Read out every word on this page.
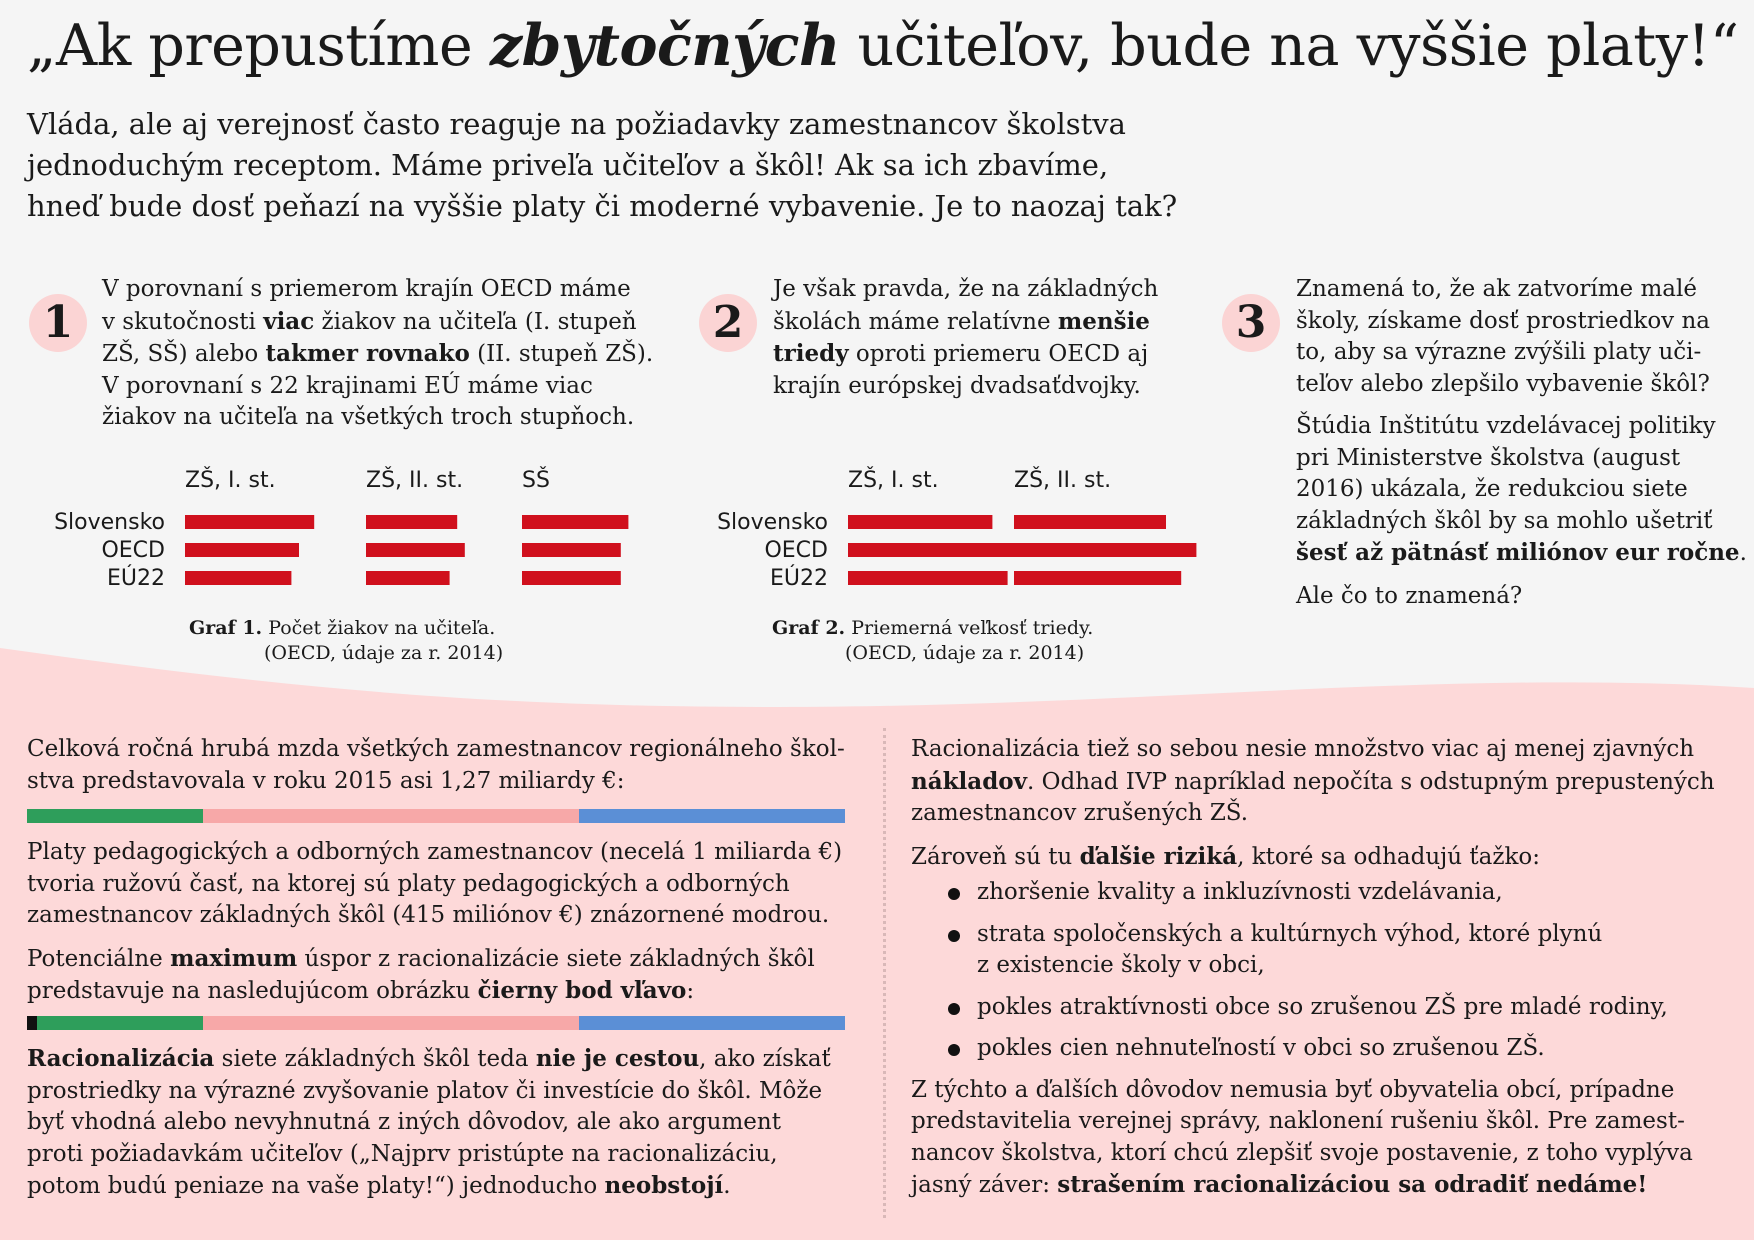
„Ak prepustíme zbytočných učiteľov, bude na vyššie platy!“
Vláda, ale aj verejnosť často reaguje na požiadavky zamestnancov školstva
jednoduchým receptom. Máme priveľa učiteľov a škôl! Ak sa ich zbavíme,
hneď bude dosť peňazí na vyššie platy či moderné vybavenie. Je to naozaj tak?
1
V porovnaní s priemerom krajín OECD máme
v skutočnosti viac žiakov na učiteľa (I. stupeň
ZŠ, SŠ) alebo takmer rovnako (II. stupeň ZŠ).
V porovnaní s 22 krajinami EÚ máme viac
žiakov na učiteľa na všetkých troch stupňoch.
2
Je však pravda, že na základných
školách máme relatívne menšie
triedy oproti priemeru OECD aj
krajín európskej dvadsaťdvojky.
3

Znamená to, že ak zatvoríme malé
školy, získame dosť prostriedkov na
to, aby sa výrazne zvýšili platy uči-
teľov alebo zlepšilo vybavenie škôl?

Štúdia Inštitútu vzdelávacej politiky
pri Ministerstve školstva (august
2016) ukázala, že redukciou siete
základných škôl by sa mohlo ušetriť
šesť až pätnásť miliónov eur ročne.

Ale čo to znamená?

Slovensko
OECD
EÚ22
ZŠ, I. st.	ZŠ, II. st.	SŠ
Slovensko
OECD
EÚ22
ZŠ, I. st.	ZŠ, II. st.
Graf 1. Počet žiakov na učiteľa.
(OECD, údaje za r. 2014)
Graf 2. Priemerná veľkosť triedy.
(OECD, údaje za r. 2014)

Celková ročná hrubá mzda všetkých zamestnancov regionálneho škol-
stva predstavovala v roku 2015 asi 1,27 miliardy €:

Platy pedagogických a odborných zamestnancov (necelá 1 miliarda €)
tvoria ružovú časť, na ktorej sú platy pedagogických a odborných
zamestnancov základných škôl (415 miliónov €) znázornené modrou.

Potenciálne maximum úspor z racionalizácie siete základných škôl
predstavuje na nasledujúcom obrázku čierny bod vľavo:

Racionalizácia siete základných škôl teda nie je cestou, ako získať
prostriedky na výrazné zvyšovanie platov či investície do škôl. Môže
byť vhodná alebo nevyhnutná z iných dôvodov, ale ako argument
proti požiadavkám učiteľov („Najprv pristúpte na racionalizáciu,
potom budú peniaze na vaše platy!“) jednoducho neobstojí.

Racionalizácia tiež so sebou nesie množstvo viac aj menej zjavných
nákladov. Odhad IVP napríklad nepočíta s odstupným prepustených
zamestnancov zrušených ZŠ.

Zároveň sú tu ďalšie riziká, ktoré sa odhadujú ťažko:

zhoršenie kvality a inkluzívnosti vzdelávania,
strata spoločenských a kultúrnych výhod, ktoré plynú
z existencie školy v obci,
pokles atraktívnosti obce so zrušenou ZŠ pre mladé rodiny,
pokles cien nehnuteľností v obci so zrušenou ZŠ.

Z týchto a ďalších dôvodov nemusia byť obyvatelia obcí, prípadne
predstavitelia verejnej správy, naklonení rušeniu škôl. Pre zamest-
nancov školstva, ktorí chcú zlepšiť svoje postavenie, z toho vyplýva
jasný záver: strašením racionalizáciou sa odradiť nedáme!
